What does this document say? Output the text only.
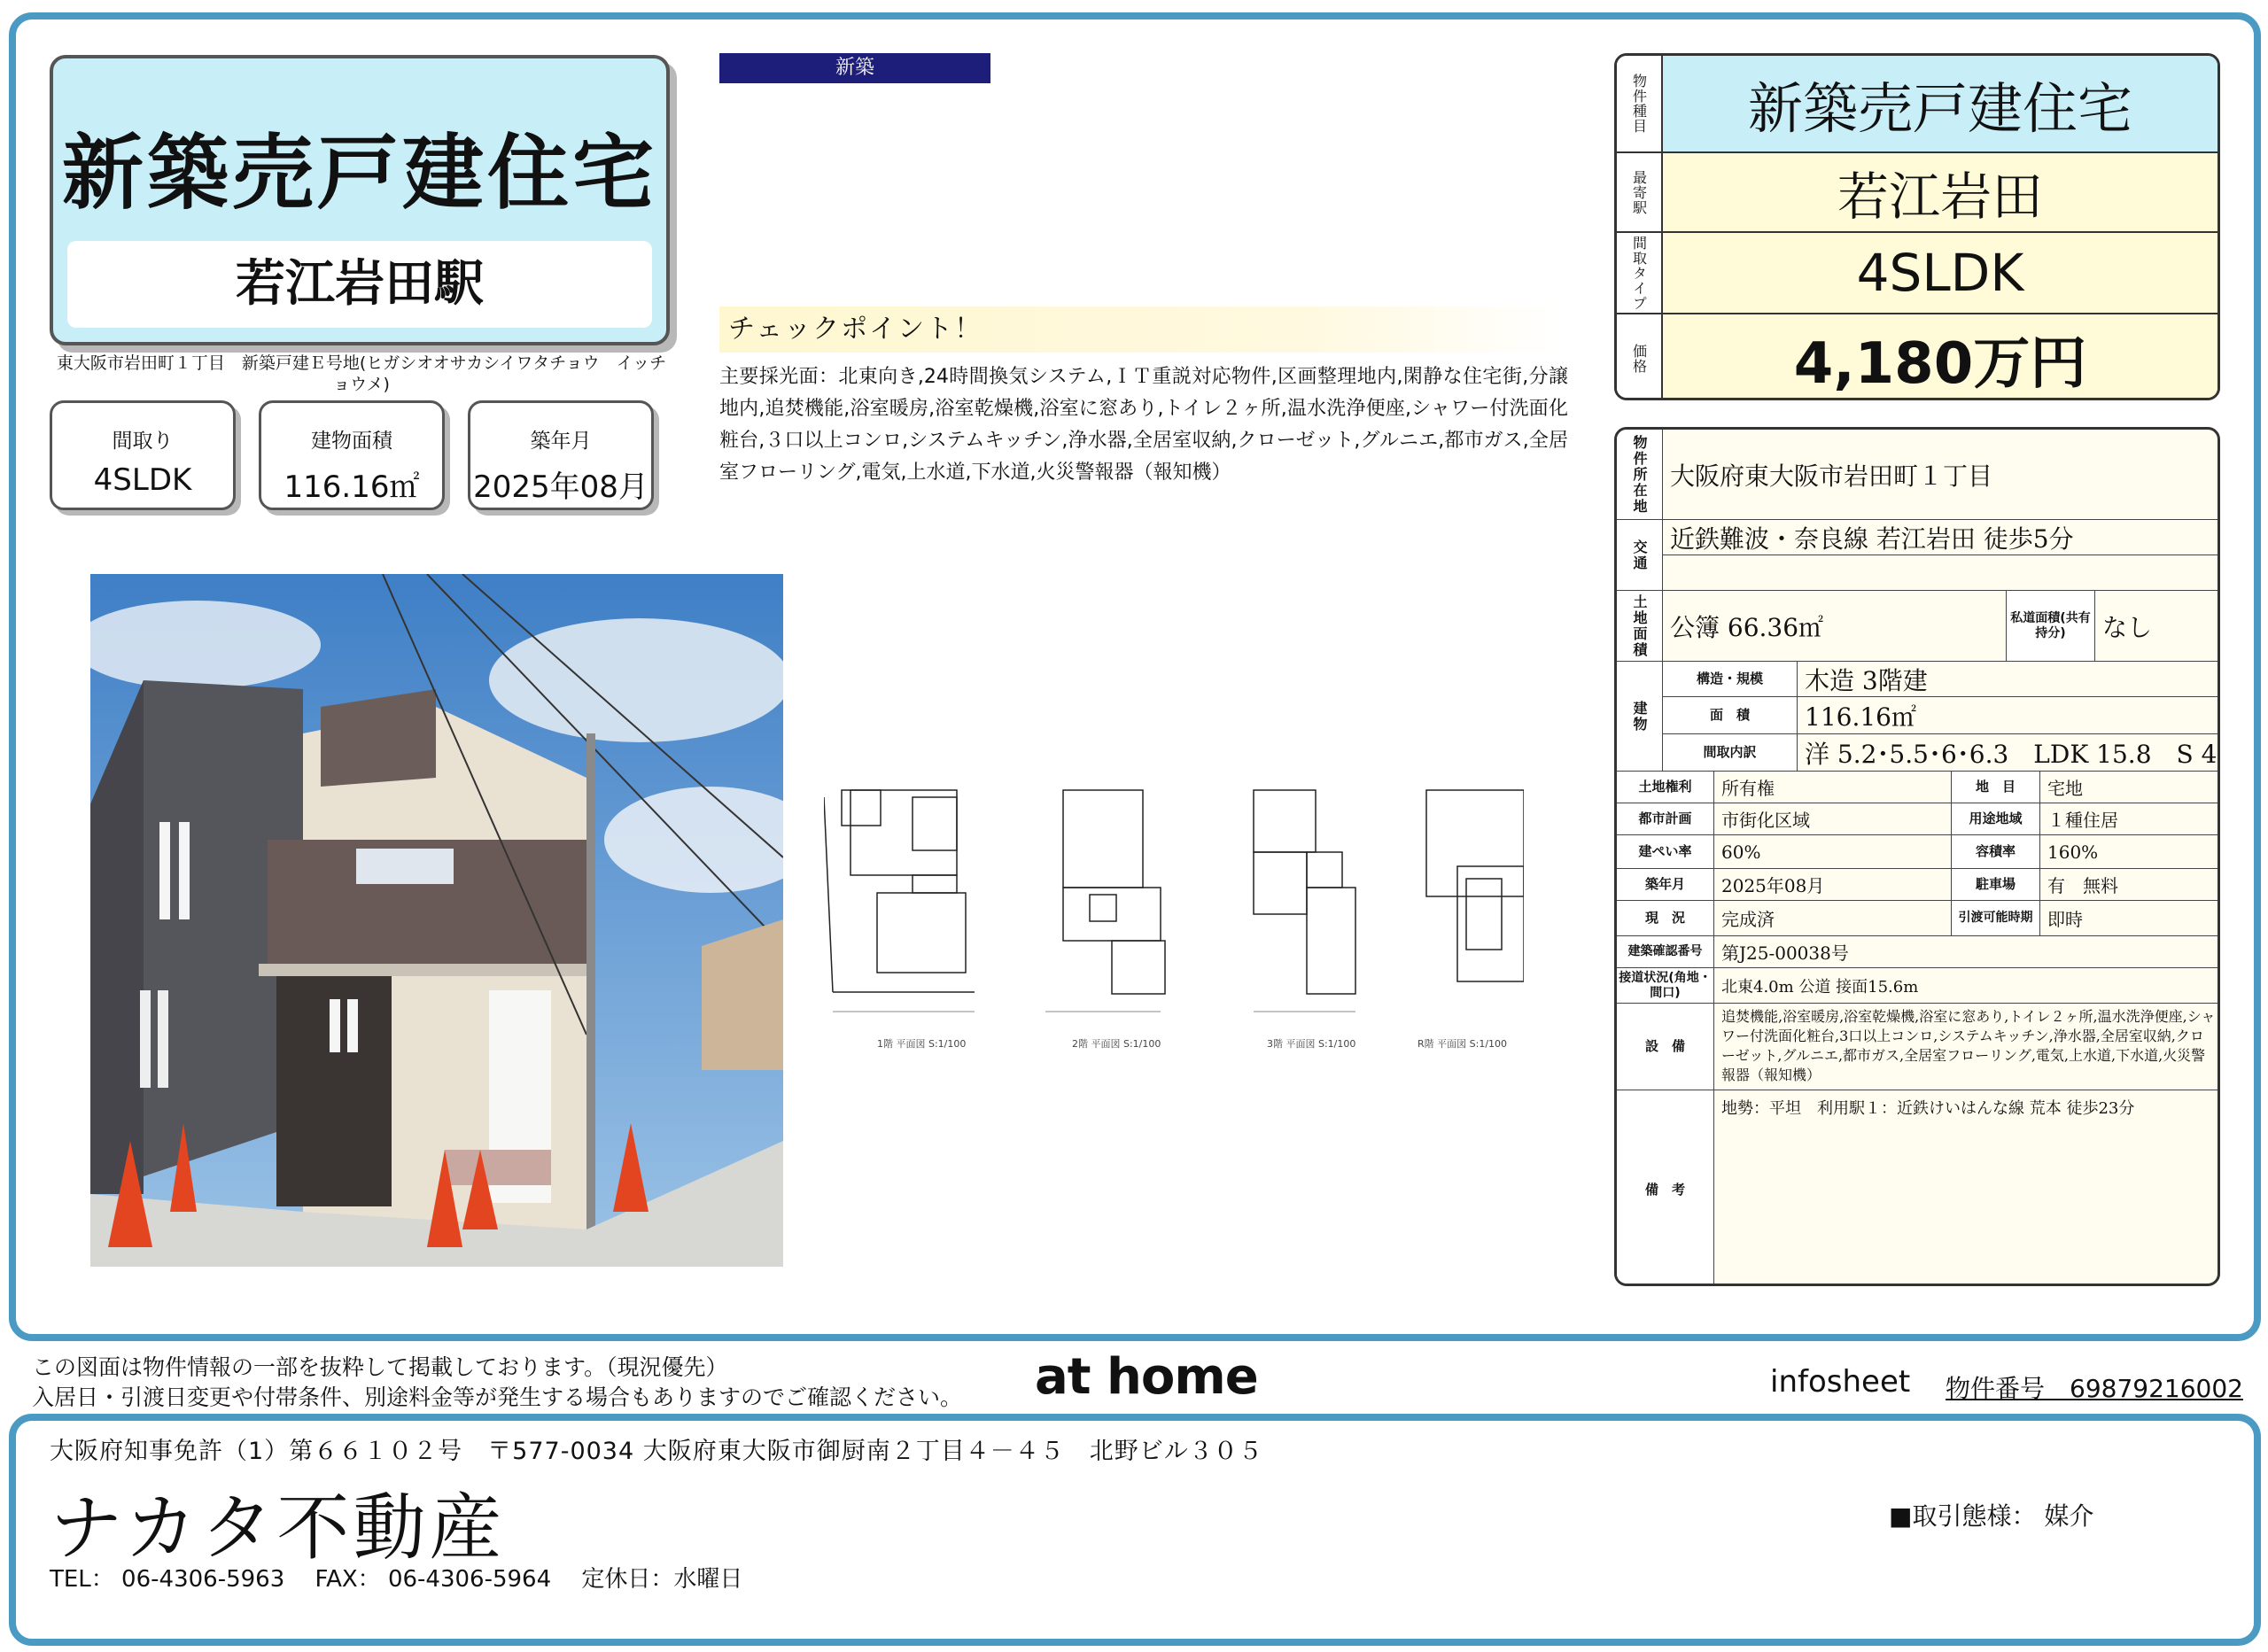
新築売戸建住宅
若江岩田駅
東大阪市岩田町１丁目　新築戸建Ｅ号地(ヒガシオオサカシイワタチョウ　イッチョウメ)
間取り
4SLDK
建物面積
116.16㎡
築年月
2025年08月
新築
チェックポイント！
主要採光面：北東向き,24時間換気システム,ＩＴ重説対応物件,区画整理地内,閑静な住宅街,分譲地内,追焚機能,浴室暖房,浴室乾燥機,浴室に窓あり,トイレ２ヶ所,温水洗浄便座,シャワー付洗面化粧台,３口以上コンロ,システムキッチン,浄水器,全居室収納,クローゼット,グルニエ,都市ガス,全居室フローリング,電気,上水道,下水道,火災警報器（報知機）
1階 平面図 S:1/100	2階 平面図 S:1/100	3階 平面図 S:1/100	R階 平面図 S:1/100
物件種目	新築売戸建住宅
最寄駅	若江岩田
間取タイプ	4SLDK
価格	4,180万円
物件所在地 大阪府東大阪市岩田町１丁目
交通
近鉄難波・奈良線 若江岩田 徒歩5分
土地面積 公簿 66.36㎡	私道面積(共有持分)	なし
建物
構造・規模	木造 3階建
面　積	116.16㎡
間取内訳	洋 5.2･5.5･6･6.3　LDK 15.8　S 4
土地権利	所有権	地　目	宅地
都市計画	市街化区域	用途地域	１種住居
建ぺい率	60%	容積率	160%
築年月	2025年08月	駐車場	有　無料
現　況	完成済	引渡可能時期 即時
建築確認番号	第J25-00038号
接道状況(角地・間口)	北東4.0m 公道 接面15.6m
設　備
追焚機能,浴室暖房,浴室乾燥機,浴室に窓あり,トイレ２ヶ所,温水洗浄便座,シャワー付洗面化粧台,3口以上コンロ,システムキッチン,浄水器,全居室収納,クローゼット,グルニエ,都市ガス,全居室フローリング,電気,上水道,下水道,火災警報器（報知機）
備　考
地勢：平坦　利用駅１：近鉄けいはんな線 荒本 徒歩23分
この図面は物件情報の一部を抜粋して掲載しております。（現況優先）
入居日・引渡日変更や付帯条件、別途料金等が発生する場合もありますのでご確認ください。 at home	infosheet 物件番号　69879216002
大阪府知事免許（1）第６６１０２号　〒577-0034 大阪府東大阪市御厨南２丁目４－４５　北野ビル３０５
ナカタ不動産
TEL： 06-4306-5963　 FAX： 06-4306-5964　 定休日：水曜日
■取引態様： 媒介
